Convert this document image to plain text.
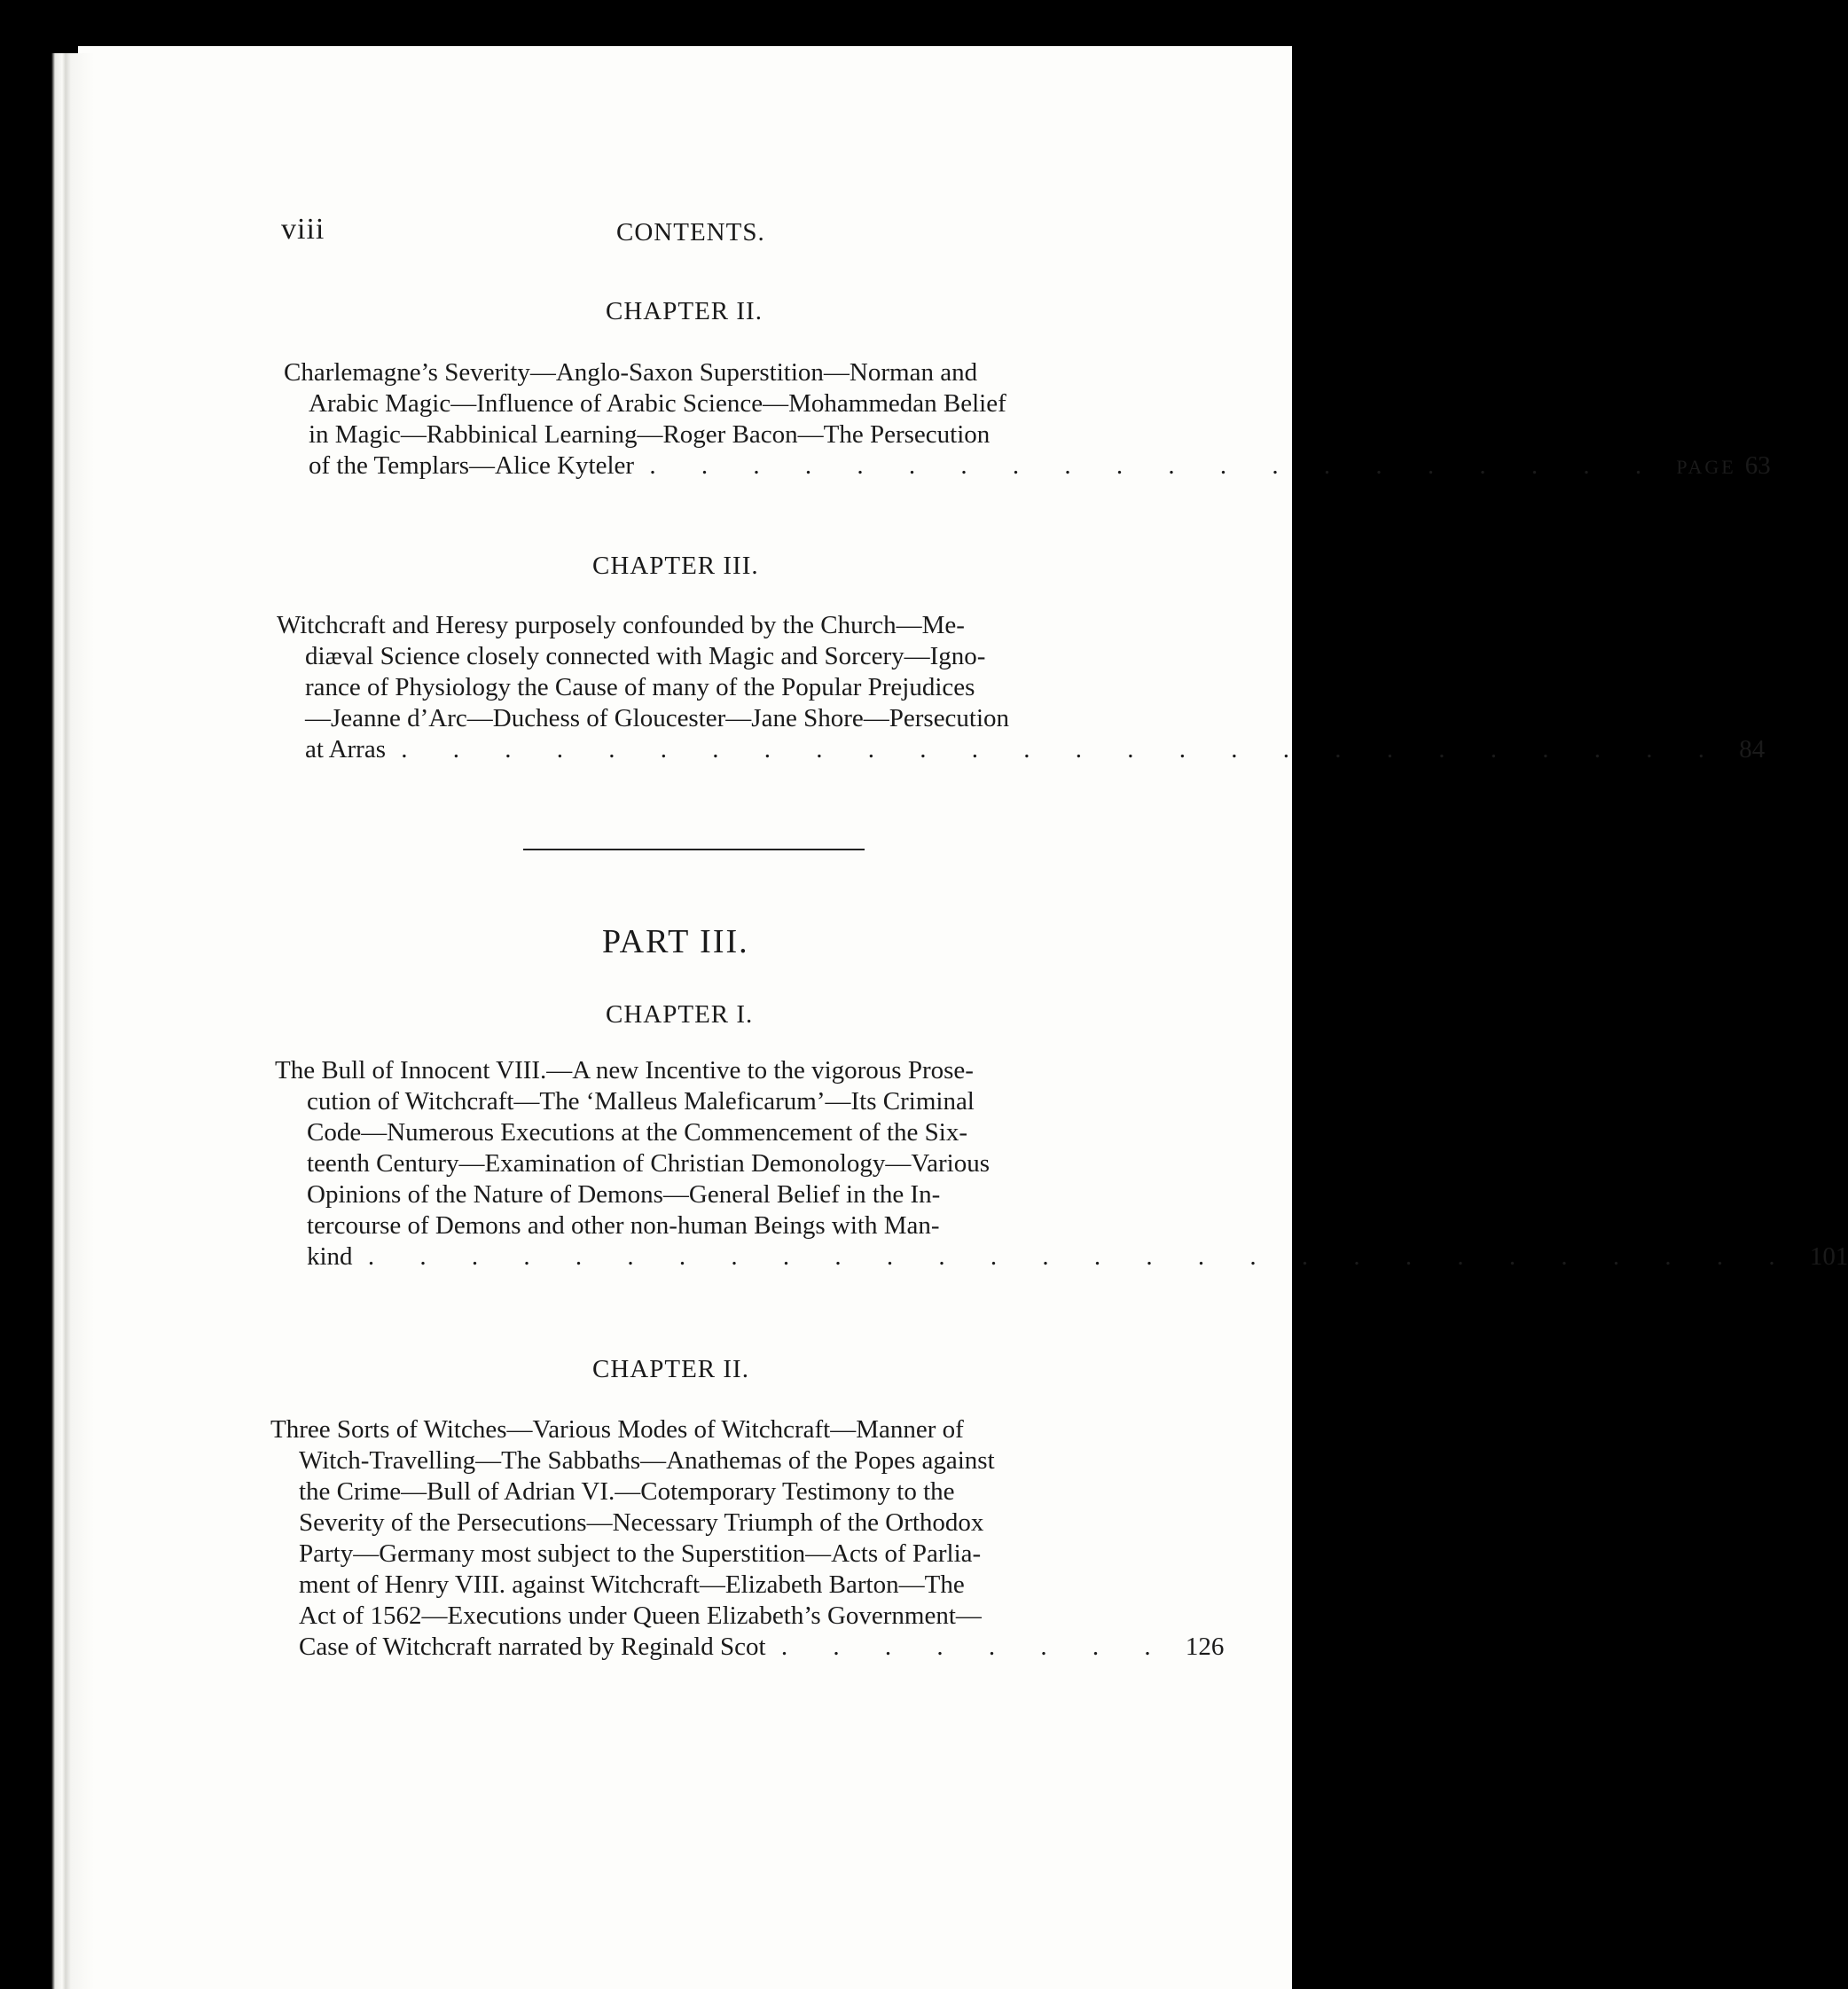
viii	CONTENTS.
CHAPTER II.
Charlemagne’s Severity—Anglo-Saxon Superstition—Norman and
Arabic Magic—Influence of Arabic Science—Mohammedan Belief
in Magic—Rabbinical Learning—Roger Bacon—The Persecution
of the Templars—Alice Kyteler . . . . . . . . . . . . . . . . . . . . PAGE 63
CHAPTER III.
Witchcraft and Heresy purposely confounded by the Church—Me-
diæval Science closely connected with Magic and Sorcery—Igno-
rance of Physiology the Cause of many of the Popular Prejudices
—Jeanne d’Arc—Duchess of Gloucester—Jane Shore—Persecution
at Arras . . . . . . . . . . . . . . . . . . . . . . . . . . 84
PART III.
CHAPTER I.
The Bull of Innocent VIII.—A new Incentive to the vigorous Prose-
cution of Witchcraft—The ‘Malleus Maleficarum’—Its Criminal
Code—Numerous Executions at the Commencement of the Six-
teenth Century—Examination of Christian Demonology—Various
Opinions of the Nature of Demons—General Belief in the In-
tercourse of Demons and other non-human Beings with Man-
kind . . . . . . . . . . . . . . . . . . . . . . . . . . . . 101
CHAPTER II.
Three Sorts of Witches—Various Modes of Witchcraft—Manner of
Witch-Travelling—The Sabbaths—Anathemas of the Popes against
the Crime—Bull of Adrian VI.—Cotemporary Testimony to the
Severity of the Persecutions—Necessary Triumph of the Orthodox
Party—Germany most subject to the Superstition—Acts of Parlia-
ment of Henry VIII. against Witchcraft—Elizabeth Barton—The
Act of 1562—Executions under Queen Elizabeth’s Government—
Case of Witchcraft narrated by Reginald Scot . . . . . . . . 126
